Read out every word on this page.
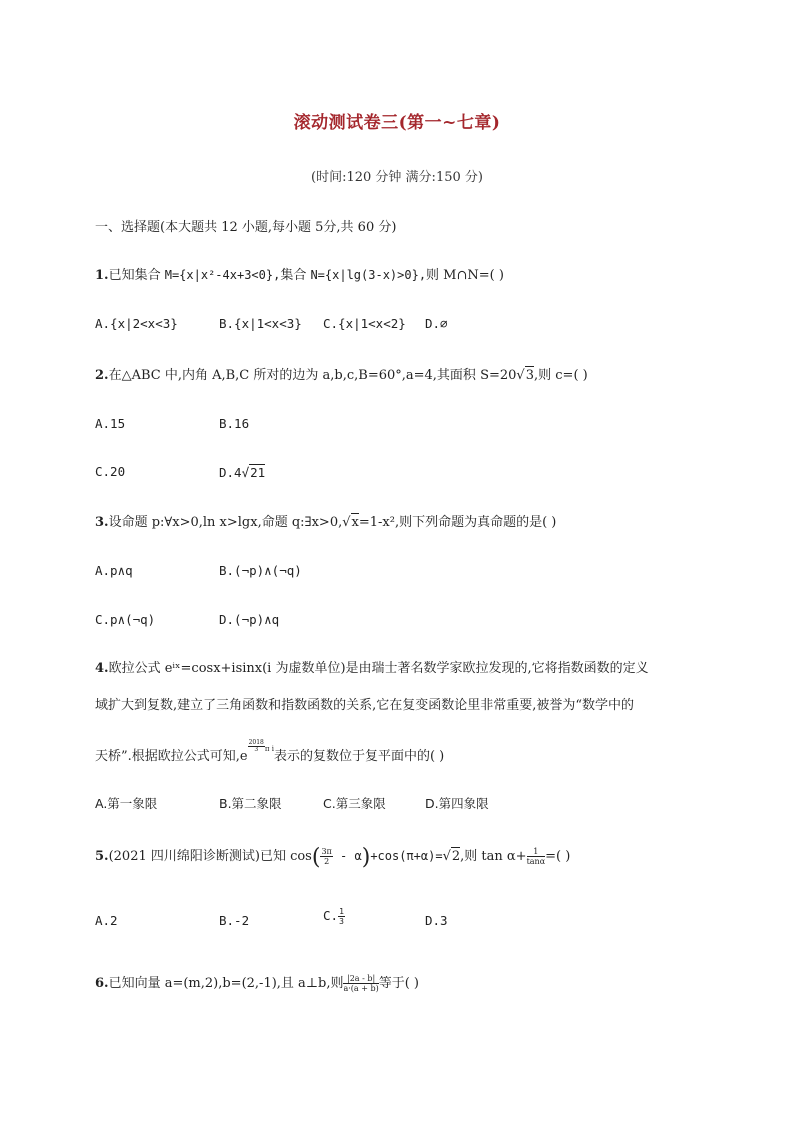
滚动测试卷三(第一~七章)
(时间:120 分钟 满分:150 分)
一、选择题(本大题共 12 小题,每小题 5分,共 60 分)
1.已知集合 M={x|x²-4x+3<0},集合 N={x|lg(3-x)>0},则 M∩N=( )
A.{x|2<x<3}	B.{x|1<x<3} C.{x|1<x<2} D.∅
2.在△ABC 中,内角 A,B,C 所对的边为 a,b,c,B=60°,a=4,其面积 S=20√3,则 c=( )
A.15	B.16
C.20	D.4√21
3.设命题 p:∀x>0,ln x>lgx,命题 q:∃x>0,√x=1-x²,则下列命题为真命题的是( )
A.p∧q	B.(¬p)∧(¬q)
C.p∧(¬q)	D.(¬p)∧q
4.欧拉公式 eⁱˣ=cosx+isinx(i 为虚数单位)是由瑞士著名数学家欧拉发现的,它将指数函数的定义
域扩大到复数,建立了三角函数和指数函数的关系,它在复变函数论里非常重要,被誉为“数学中的
天桥”.根据欧拉公式可知,e
$^{\frac{2018}{3} \pi i}$表示的复数位于复平面中的( )
A.第一象限	B.第二象限	C.第三象限	D.第四象限
5.(2021 四川绵阳诊断测试)已知 $\cos( \frac{3\pi}{2} - \alpha)+\cos(\pi+\alpha)=√2$,则 $\tan \alpha+ \frac{1}{\tan\alpha}$ =( )
A.2	B.-2	C. $\frac{1}{3}$	D.3
6.已知向量 a=(m,2),b=(2,-1),且 a⊥b,则 $\frac{|2a - b|}{a\cdot(a + b)}$ 等于( )
